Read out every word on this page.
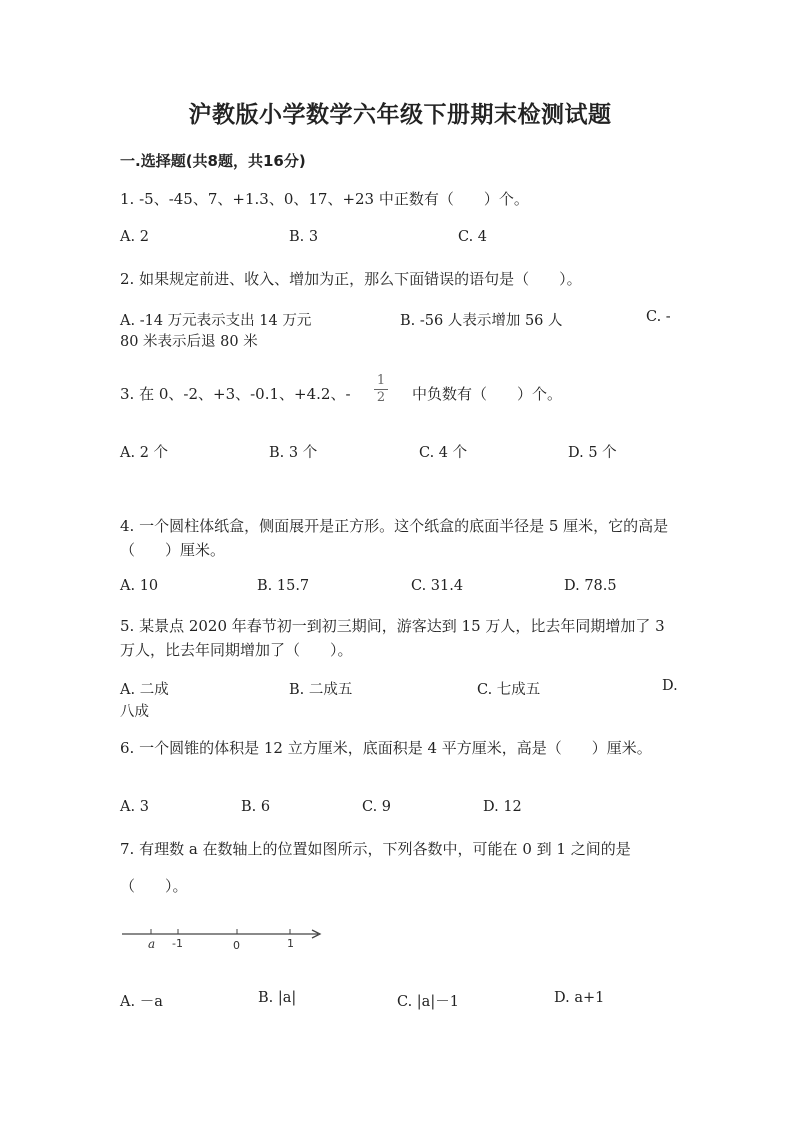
沪教版小学数学六年级下册期末检测试题
一.选择题(共8题，共16分)
1. -5、-45、7、+1.3、0、17、+23 中正数有（　　）个。
A. 2	B. 3	C. 4
2. 如果规定前进、收入、增加为正，那么下面错误的语句是（　　）。
A. -14 万元表示支出 14 万元	B. -56 人表示增加 56 人	C. -
80 米表示后退 80 米
3. 在 0、-2、+3、-0.1、+4.2、-
1
2 中负数有（　　）个。
A. 2 个	B. 3 个	C. 4 个	D. 5 个
4. 一个圆柱体纸盒，侧面展开是正方形。这个纸盒的底面半径是 5 厘米，它的高是（　　）厘米。
A. 10	B. 15.7	C. 31.4	D. 78.5
5. 某景点 2020 年春节初一到初三期间，游客达到 15 万人，比去年同期增加了 3 万人，比去年同期增加了（　　）。
A. 二成	B. 二成五	C. 七成五	D.
八成
6. 一个圆锥的体积是 12 立方厘米，底面积是 4 平方厘米，高是（　　）厘米。
A. 3	B. 6	C. 9	D. 12
7. 有理数 a 在数轴上的位置如图所示，下列各数中，可能在 0 到 1 之间的是
（　　）。
a -1	0	1
A. －a	B. |a|	C. |a|－1	D. a+1
